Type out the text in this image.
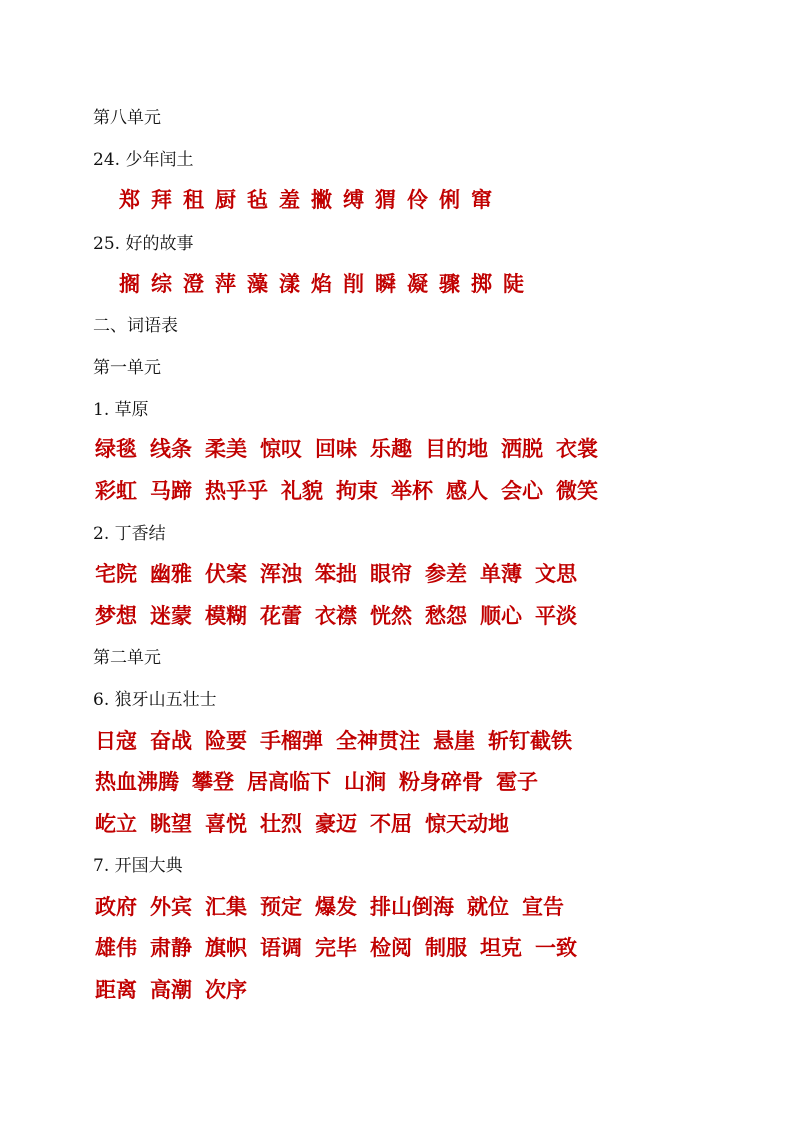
第八单元
24. 少年闰土
郑 拜 租 厨 毡 羞 撇 缚 猬 伶 俐 窜
25. 好的故事
搁 综 澄 萍 藻 漾 焰 削 瞬 凝 骤 掷 陡
二、词语表
第一单元
1. 草原
绿毯 线条 柔美 惊叹 回味 乐趣 目的地 洒脱 衣裳
彩虹 马蹄 热乎乎 礼貌 拘束 举杯 感人 会心 微笑
2. 丁香结
宅院 幽雅 伏案 浑浊 笨拙 眼帘 参差 单薄 文思
梦想 迷蒙 模糊 花蕾 衣襟 恍然 愁怨 顺心 平淡
第二单元
6. 狼牙山五壮士
日寇 奋战 险要 手榴弹 全神贯注 悬崖 斩钉截铁
热血沸腾 攀登 居高临下 山涧 粉身碎骨 雹子
屹立 眺望 喜悦 壮烈 豪迈 不屈 惊天动地
7. 开国大典
政府 外宾 汇集 预定 爆发 排山倒海 就位 宣告
雄伟 肃静 旗帜 语调 完毕 检阅 制服 坦克 一致
距离 高潮 次序
